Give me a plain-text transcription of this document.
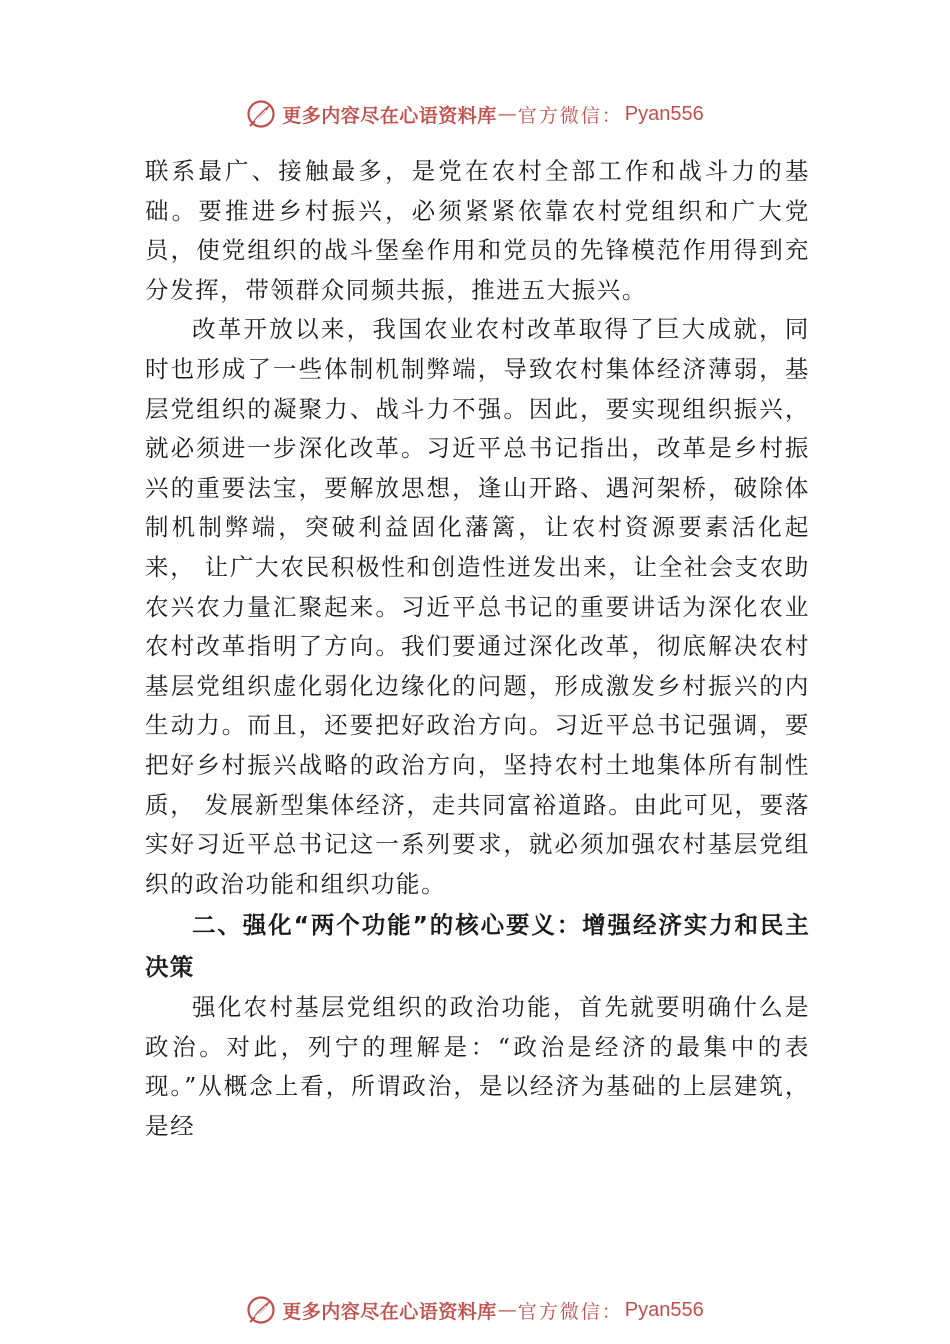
更多内容尽在心语资料库 — 官方微信： Pyan556

联系最广、接触最多，是党在农村全部工作和战斗力的基础。要推进乡村振兴，必须紧紧依靠农村党组织和广大党员，使党组织的战斗堡垒作用和党员的先锋模范作用得到充分发挥，带领群众同频共振，推进五大振兴。

改革开放以来，我国农业农村改革取得了巨大成就，同时也形成了一些体制机制弊端，导致农村集体经济薄弱，基层党组织的凝聚力、战斗力不强。因此，要实现组织振兴， 就必须进一步深化改革。习近平总书记指出，改革是乡村振兴的重要法宝，要解放思想，逢山开路、遇河架桥，破除体制机制弊端，突破利益固化藩篱，让农村资源要素活化起来， 让广大农民积极性和创造性迸发出来，让全社会支农助农兴农力量汇聚起来。习近平总书记的重要讲话为深化农业农村改革指明了方向。我们要通过深化改革，彻底解决农村基层党组织虚化弱化边缘化的问题，形成激发乡村振兴的内生动力。而且，还要把好政治方向。习近平总书记强调，要把好乡村振兴战略的政治方向，坚持农村土地集体所有制性质， 发展新型集体经济，走共同富裕道路。由此可见，要落实好习近平总书记这一系列要求，就必须加强农村基层党组织的政治功能和组织功能。

二、强化“两个功能”的核心要义：增强经济实力和民主决策

强化农村基层党组织的政治功能，首先就要明确什么是政治。对此，列宁的理解是：“政治是经济的最集中的表现。”从概念上看，所谓政治，是以经济为基础的上层建筑，是经

更多内容尽在心语资料库 — 官方微信： Pyan556
